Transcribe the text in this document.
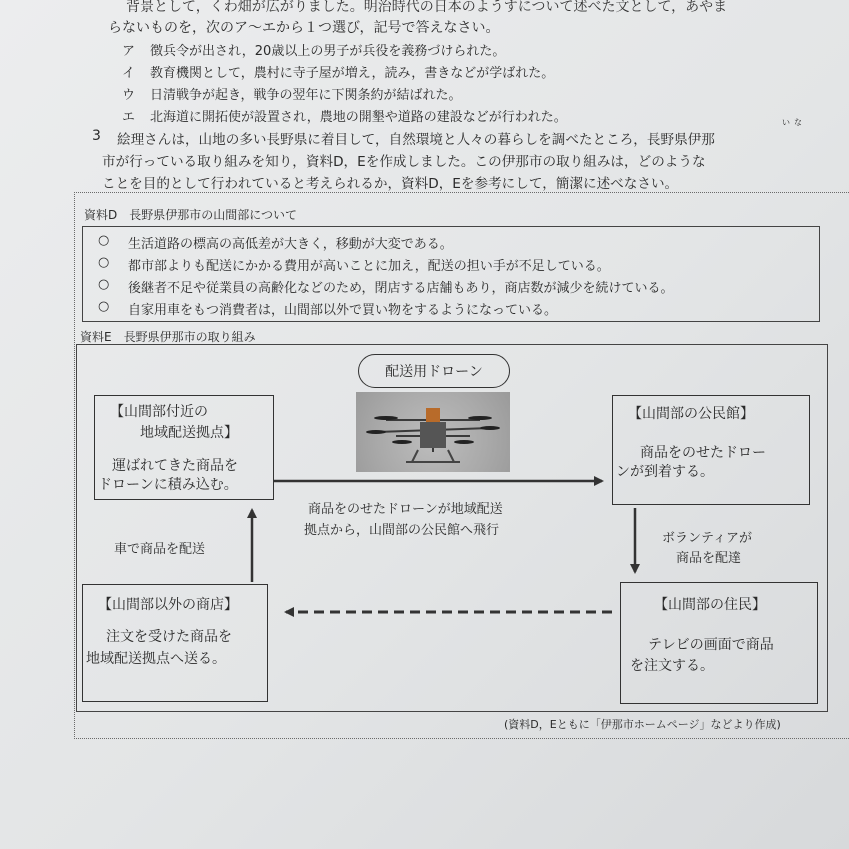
背景として，くわ畑が広がりました。明治時代の日本のようすについて述べた文として，あやま
らないものを，次のア～エから１つ選び，記号で答えなさい。
ア 徴兵令が出され，20歳以上の男子が兵役を義務づけられた。
イ 教育機関として，農村に寺子屋が増え，読み，書きなどが学ばれた。
ウ 日清戦争が起き，戦争の翌年に下関条約が結ばれた。
エ 北海道に開拓使が設置され，農地の開墾や道路の建設などが行われた。
3
いな
絵理さんは，山地の多い長野県に着目して，自然環境と人々の暮らしを調べたところ，長野県伊那
市が行っている取り組みを知り，資料D，Eを作成しました。この伊那市の取り組みは，どのような
ことを目的として行われていると考えられるか，資料D，Eを参考にして，簡潔に述べなさい。
資料D　長野県伊那市の山間部について
○ 生活道路の標高の高低差が大きく，移動が大変である。
○ 都市部よりも配送にかかる費用が高いことに加え，配送の担い手が不足している。
○ 後継者不足や従業員の高齢化などのため，閉店する店舗もあり，商店数が減少を続けている。
○ 自家用車をもつ消費者は，山間部以外で買い物をするようになっている。
資料E　長野県伊那市の取り組み
配送用ドローン
【山間部付近の
地域配送拠点】
運ばれてきた商品を
ドローンに積み込む。
【山間部の公民館】
商品をのせたドロー
ンが到着する。
【山間部以外の商店】
注文を受けた商品を
地域配送拠点へ送る。
【山間部の住民】
テレビの画面で商品
を注文する。
商品をのせたドローンが地域配送
拠点から，山間部の公民館へ飛行
車で商品を配送
ボランティアが
商品を配達
(資料D，Eともに「伊那市ホームページ」などより作成)
